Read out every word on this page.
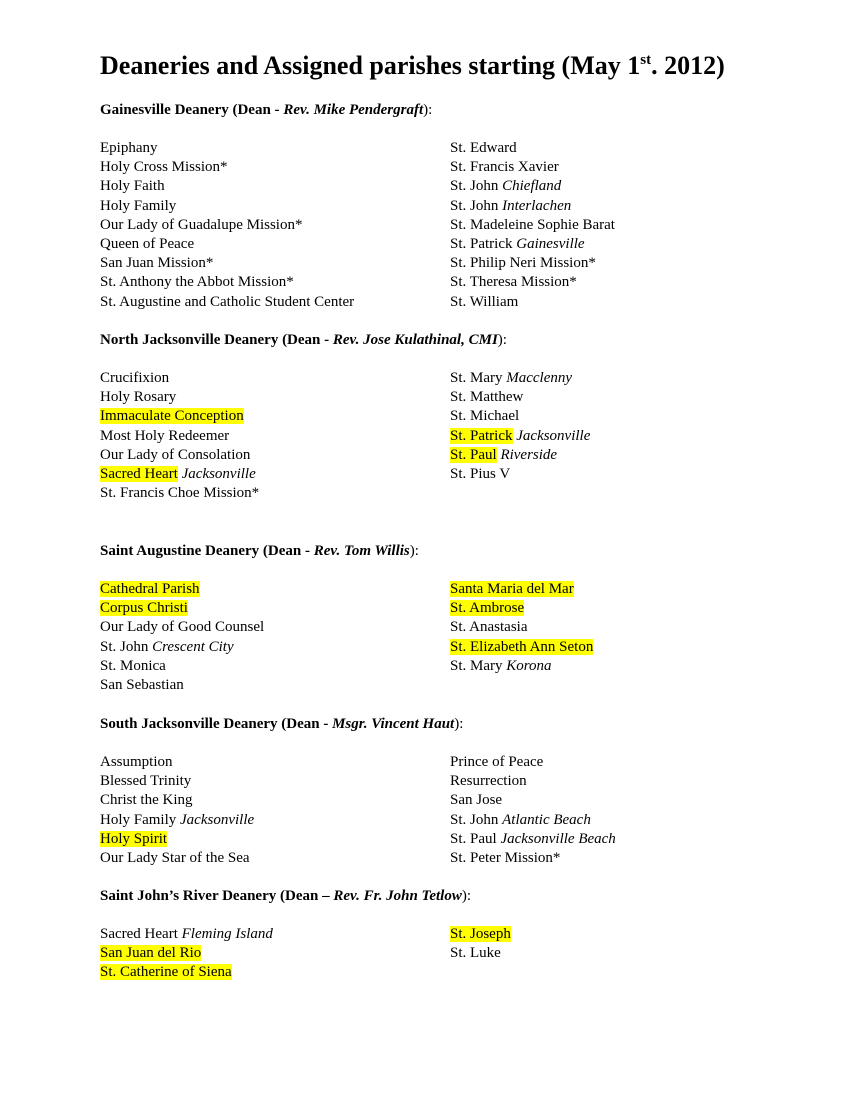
Deaneries and Assigned parishes starting (May 1st. 2012)

Gainesville Deanery (Dean - Rev. Mike Pendergraft):

Epiphany
Holy Cross Mission*
Holy Faith
Holy Family
Our Lady of Guadalupe Mission*
Queen of Peace
San Juan Mission*
St. Anthony the Abbot Mission*
St. Augustine and Catholic Student Center
St. Edward
St. Francis Xavier
St. John Chiefland
St. John Interlachen
St. Madeleine Sophie Barat
St. Patrick Gainesville
St. Philip Neri Mission*
St. Theresa Mission*
St. William

North Jacksonville Deanery (Dean - Rev. Jose Kulathinal, CMI):

Crucifixion
Holy Rosary
Immaculate Conception
Most Holy Redeemer
Our Lady of Consolation
Sacred Heart Jacksonville
St. Francis Choe Mission*
St. Mary Macclenny
St. Matthew
St. Michael
St. Patrick Jacksonville
St. Paul Riverside
St. Pius V

Saint Augustine Deanery (Dean - Rev. Tom Willis):

Cathedral Parish
Corpus Christi
Our Lady of Good Counsel
St. John Crescent City
St. Monica
San Sebastian
Santa Maria del Mar
St. Ambrose
St. Anastasia
St. Elizabeth Ann Seton
St. Mary Korona

South Jacksonville Deanery (Dean - Msgr. Vincent Haut):

Assumption
Blessed Trinity
Christ the King
Holy Family Jacksonville
Holy Spirit
Our Lady Star of the Sea
Prince of Peace
Resurrection
San Jose
St. John Atlantic Beach
St. Paul Jacksonville Beach
St. Peter Mission*

Saint John’s River Deanery (Dean – Rev. Fr. John Tetlow):

Sacred Heart Fleming Island
San Juan del Rio
St. Catherine of Siena
St. Joseph
St. Luke
